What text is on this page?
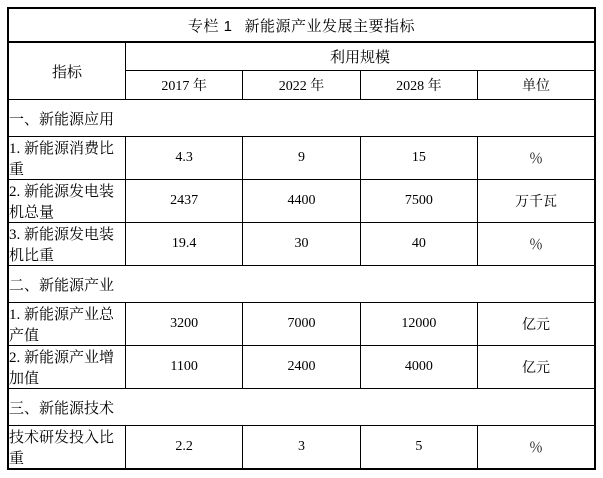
专栏 1 新能源产业发展主要指标				
指标	利用规模			
	2017 年	2022 年	2028 年	单位
一、新能源应用				
1. 新能源消费比重	4.3	9	15	％
2. 新能源发电装机总量	2437	4400	7500	万千瓦
3. 新能源发电装机比重	19.4	30	40	％
二、新能源产业				
1. 新能源产业总产值	3200	7000	12000	亿元
2. 新能源产业增加值	1100	2400	4000	亿元
三、新能源技术				
技术研发投入比重	2.2	3	5	％
